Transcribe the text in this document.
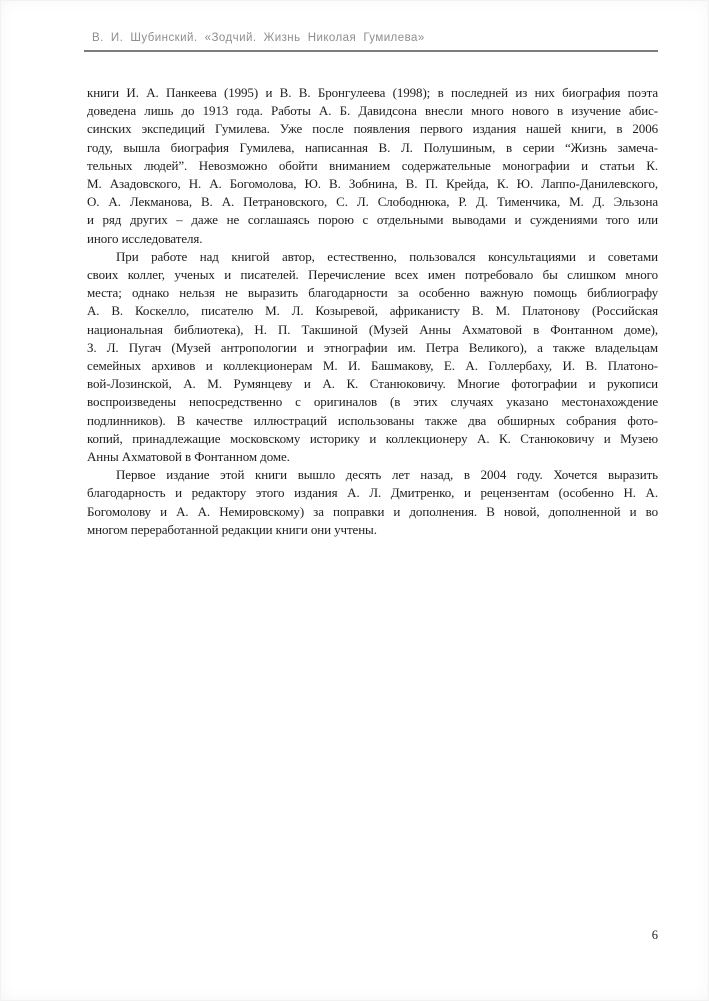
В. И. Шубинский. «Зодчий. Жизнь Николая Гумилева»
книги И. А. Панкеева (1995) и В. В. Бронгулеева (1998); в последней из них биография поэта
доведена лишь до 1913 года. Работы А. Б. Давидсона внесли много нового в изучение абис-
синских экспедиций Гумилева. Уже после появления первого издания нашей книги, в 2006
году, вышла биография Гумилева, написанная В. Л. Полушиным, в серии “Жизнь замеча-
тельных людей”. Невозможно обойти вниманием содержательные монографии и статьи К.
М. Азадовского, Н. А. Богомолова, Ю. В. Зобнина, В. П. Крейда, К. Ю. Лаппо-Данилевского,
О. А. Лекманова, В. А. Петрановского, С. Л. Слободнюка, Р. Д. Тименчика, М. Д. Эльзона
и ряд других – даже не соглашаясь порою с отдельными выводами и суждениями того или
иного исследователя.
При работе над книгой автор, естественно, пользовался консультациями и советами
своих коллег, ученых и писателей. Перечисление всех имен потребовало бы слишком много
места; однако нельзя не выразить благодарности за особенно важную помощь библиографу
А. В. Коскелло, писателю М. Л. Козыревой, африканисту В. М. Платонову (Российская
национальная библиотека), Н. П. Такшиной (Музей Анны Ахматовой в Фонтанном доме),
З. Л. Пугач (Музей антропологии и этнографии им. Петра Великого), а также владельцам
семейных архивов и коллекционерам М. И. Башмакову, Е. А. Голлербаху, И. В. Платоно-
вой-Лозинской, А. М. Румянцеву и А. К. Станюковичу. Многие фотографии и рукописи
воспроизведены непосредственно с оригиналов (в этих случаях указано местонахождение
подлинников). В качестве иллюстраций использованы также два обширных собрания фото-
копий, принадлежащие московскому историку и коллекционеру А. К. Станюковичу и Музею
Анны Ахматовой в Фонтанном доме.
Первое издание этой книги вышло десять лет назад, в 2004 году. Хочется выразить
благодарность и редактору этого издания А. Л. Дмитренко, и рецензентам (особенно Н. А.
Богомолову и А. А. Немировскому) за поправки и дополнения. В новой, дополненной и во
многом переработанной редакции книги они учтены.
6
